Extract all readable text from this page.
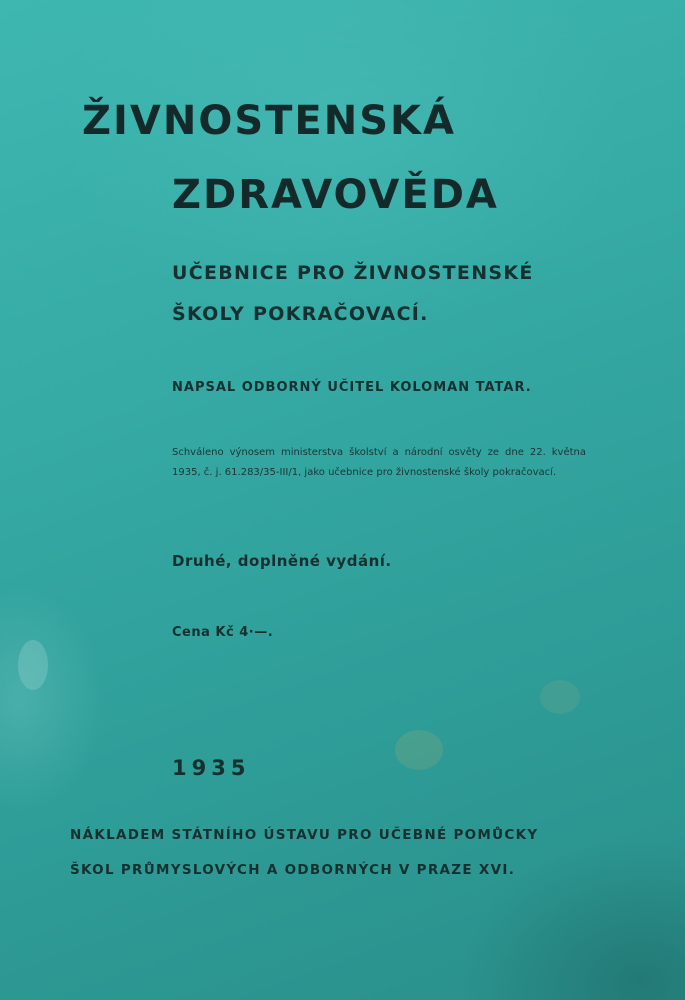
ŽIVNOSTENSKÁ
ZDRAVOVĚDA
UČEBNICE PRO ŽIVNOSTENSKÉ
ŠKOLY POKRAČOVACÍ.
NAPSAL ODBORNÝ UČITEL KOLOMAN TATAR.
Schváleno výnosem ministerstva školství a národní osvěty ze dne 22. května 1935, č. j. 61.283/35-III/1, jako učebnice pro živnostenské školy pokračovací.
Druhé, doplněné vydání.
Cena Kč 4·—.
1935
NÁKLADEM STÁTNÍHO ÚSTAVU PRO UČEBNÉ POMŮCKY
ŠKOL PRŮMYSLOVÝCH A ODBORNÝCH V PRAZE XVI.
